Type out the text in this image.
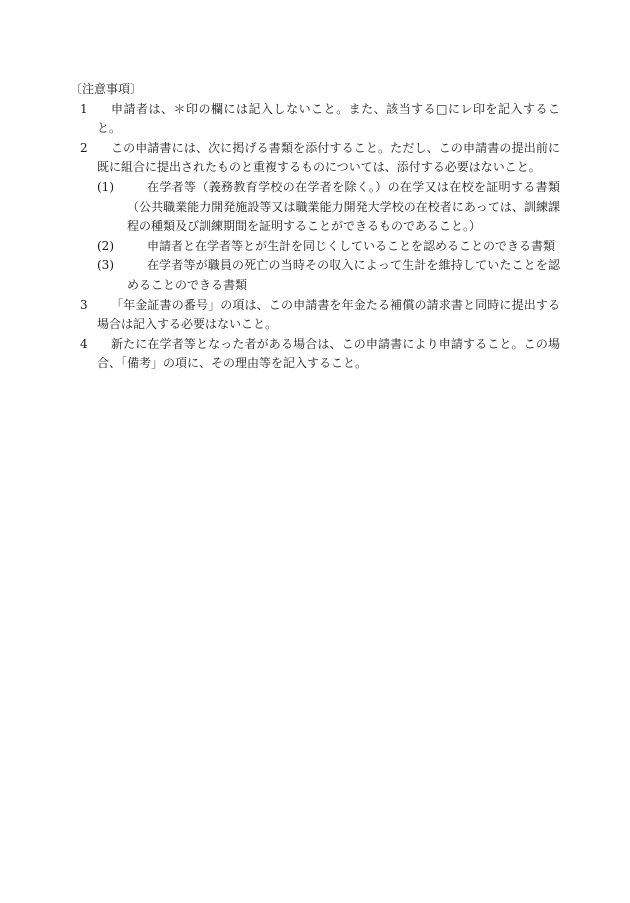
〔注意事項〕
1	申請者は、＊印の欄には記入しないこと。また、該当する□にレ印を記入すること。
2	この申請書には、次に掲げる書類を添付すること。ただし、この申請書の提出前に既に組合に提出されたものと重複するものについては、添付する必要はないこと。
(1)	在学者等（義務教育学校の在学者を除く。）の在学又は在校を証明する書類（公共職業能力開発施設等又は職業能力開発大学校の在校者にあっては、訓練課程の種類及び訓練期間を証明することができるものであること。）
(2)	申請者と在学者等とが生計を同じくしていることを認めることのできる書類
(3)	在学者等が職員の死亡の当時その収入によって生計を維持していたことを認めることのできる書類
3	「年金証書の番号」の項は、この申請書を年金たる補償の請求書と同時に提出する場合は記入する必要はないこと。
4	新たに在学者等となった者がある場合は、この申請書により申請すること。この場合、「備考」の項に、その理由等を記入すること。
